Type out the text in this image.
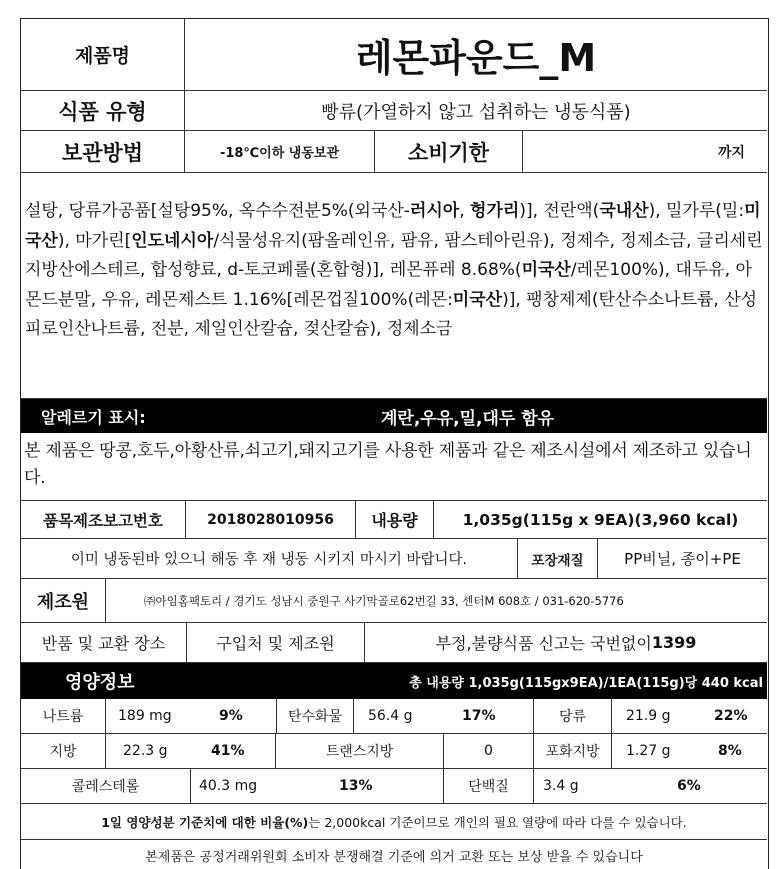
제품명	레몬파운드_M
식품 유형	빵류(가열하지 않고 섭취하는 냉동식품)
보관방법	-18℃이하 냉동보관	소비기한	까지
설탕, 당류가공품[설탕95%, 옥수수전분5%(외국산-러시아, 헝가리)], 전란액(국내산), 밀가루(밀:미국산), 마가린[인도네시아/식물성유지(팜올레인유, 팜유, 팜스테아린유), 정제수, 정제소금, 글리세린지방산에스테르, 합성향료, d-토코페롤(혼합형)], 레몬퓨레 8.68%(미국산/레몬100%), 대두유, 아몬드분말, 우유, 레몬제스트 1.16%[레몬껍질100%(레몬:미국산)], 팽창제제(탄산수소나트륨, 산성피로인산나트륨, 전분, 제일인산칼슘, 젖산칼슘), 정제소금
알레르기 표시:	계란,우유,밀,대두 함유
본 제품은 땅콩,호두,아황산류,쇠고기,돼지고기를 사용한 제품과 같은 제조시설에서 제조하고 있습니다.
품목제조보고번호	2018028010956	내용량	1,035g(115g x 9EA)(3,960 kcal)
이미 냉동된바 있으니 해동 후 재 냉동 시키지 마시기 바랍니다.	포장재질	PP비닐, 종이+PE
제조원	㈜아임홈팩토리 / 경기도 성남시 중원구 사기막골로62번길 33, 센터M 608호 / 031-620-5776
반품 및 교환 장소	구입처 및 제조원	부정,불량식품 신고는 국번없이 1399
영양정보	총 내용량 1,035g(115gx9EA)/1EA(115g)당 440 kcal
나트륨	189 mg	9%	탄수화물	56.4 g	17%	당류	21.9 g	22%
지방	22.3 g	41%	트랜스지방	0	포화지방	1.27 g	8%
콜레스테롤	40.3 mg	13%	단백질	3.4 g	6%
1일 영양성분 기준치에 대한 비율(%) 는 2,000kcal 기준이므로 개인의 필요 열량에 따라 다를 수 있습니다.
본제품은 공정거래위원회 소비자 분쟁해결 기준에 의거 교환 또는 보상 받을 수 있습니다
